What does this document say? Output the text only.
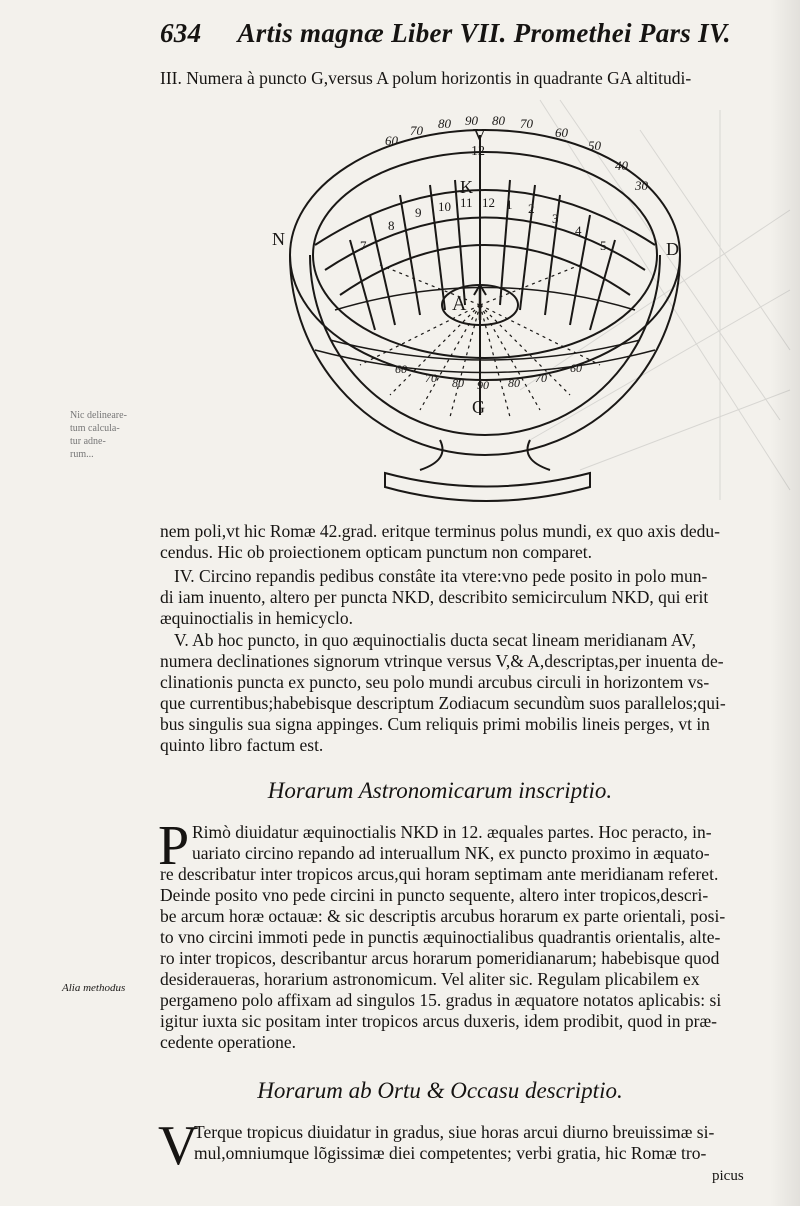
634 Artis magnæ Liber VII. Promethei Pars IV.
III. Numera à puncto G,versus A polum horizontis in quadrante GA altitudi-
Nic delineare-
tum calcula-
tur adne-
rum...
N	D
A
G
K
V
12
60
70 80 90 80 70
60
50
40
30
7
8
9 10 11 12 1 2
3
4
5
60
70 80 90 80 70
60
nem poli,vt hic Romæ 42.grad. eritque terminus polus mundi, ex quo axis dedu-
cendus. Hic ob proiectionem opticam punctum non comparet.
IV. Circino repandis pedibus constâte ita vtere:vno pede posito in polo mun-
di iam inuento, altero per puncta NKD, describito semicirculum NKD, qui erit
æquinoctialis in hemicyclo.
V. Ab hoc puncto, in quo æquinoctialis ducta secat lineam meridianam AV,
numera declinationes signorum vtrinque versus V,& A,descriptas,per inuenta de-
clinationis puncta ex puncto, seu polo mundi arcubus circuli in horizontem vs-
que currentibus;habebisque descriptum Zodiacum secundùm suos parallelos;qui-
bus singulis sua signa appinges. Cum reliquis primi mobilis lineis perges, vt in
quinto libro factum est.
Horarum Astronomicarum inscriptio.
P Rimò diuidatur æquinoctialis NKD in 12. æquales partes. Hoc peracto, in-
uariato circino repando ad interuallum NK, ex puncto proximo in æquato-
re describatur inter tropicos arcus,qui horam septimam ante meridianam referet.
Deinde posito vno pede circini in puncto sequente, altero inter tropicos,descri-
be arcum horæ octauæ: & sic descriptis arcubus horarum ex parte orientali, posi-
to vno circini immoti pede in punctis æquinoctialibus quadrantis orientalis, alte-
ro inter tropicos, describantur arcus horarum pomeridianarum; habebisque quod
desideraueras, horarium astronomicum. Vel aliter sic. Regulam plicabilem ex
pergameno polo affixam ad singulos 15. gradus in æquatore notatos aplicabis: si
igitur iuxta sic positam inter tropicos arcus duxeris, idem prodibit, quod in præ-
cedente operatione.
Alia methodus
Horarum ab Ortu & Occasu descriptio.
V
Terque tropicus diuidatur in gradus, siue horas arcui diurno breuissimæ si-
mul,omniumque lõgissimæ diei competentes; verbi gratia, hic Romæ tro-
picus
